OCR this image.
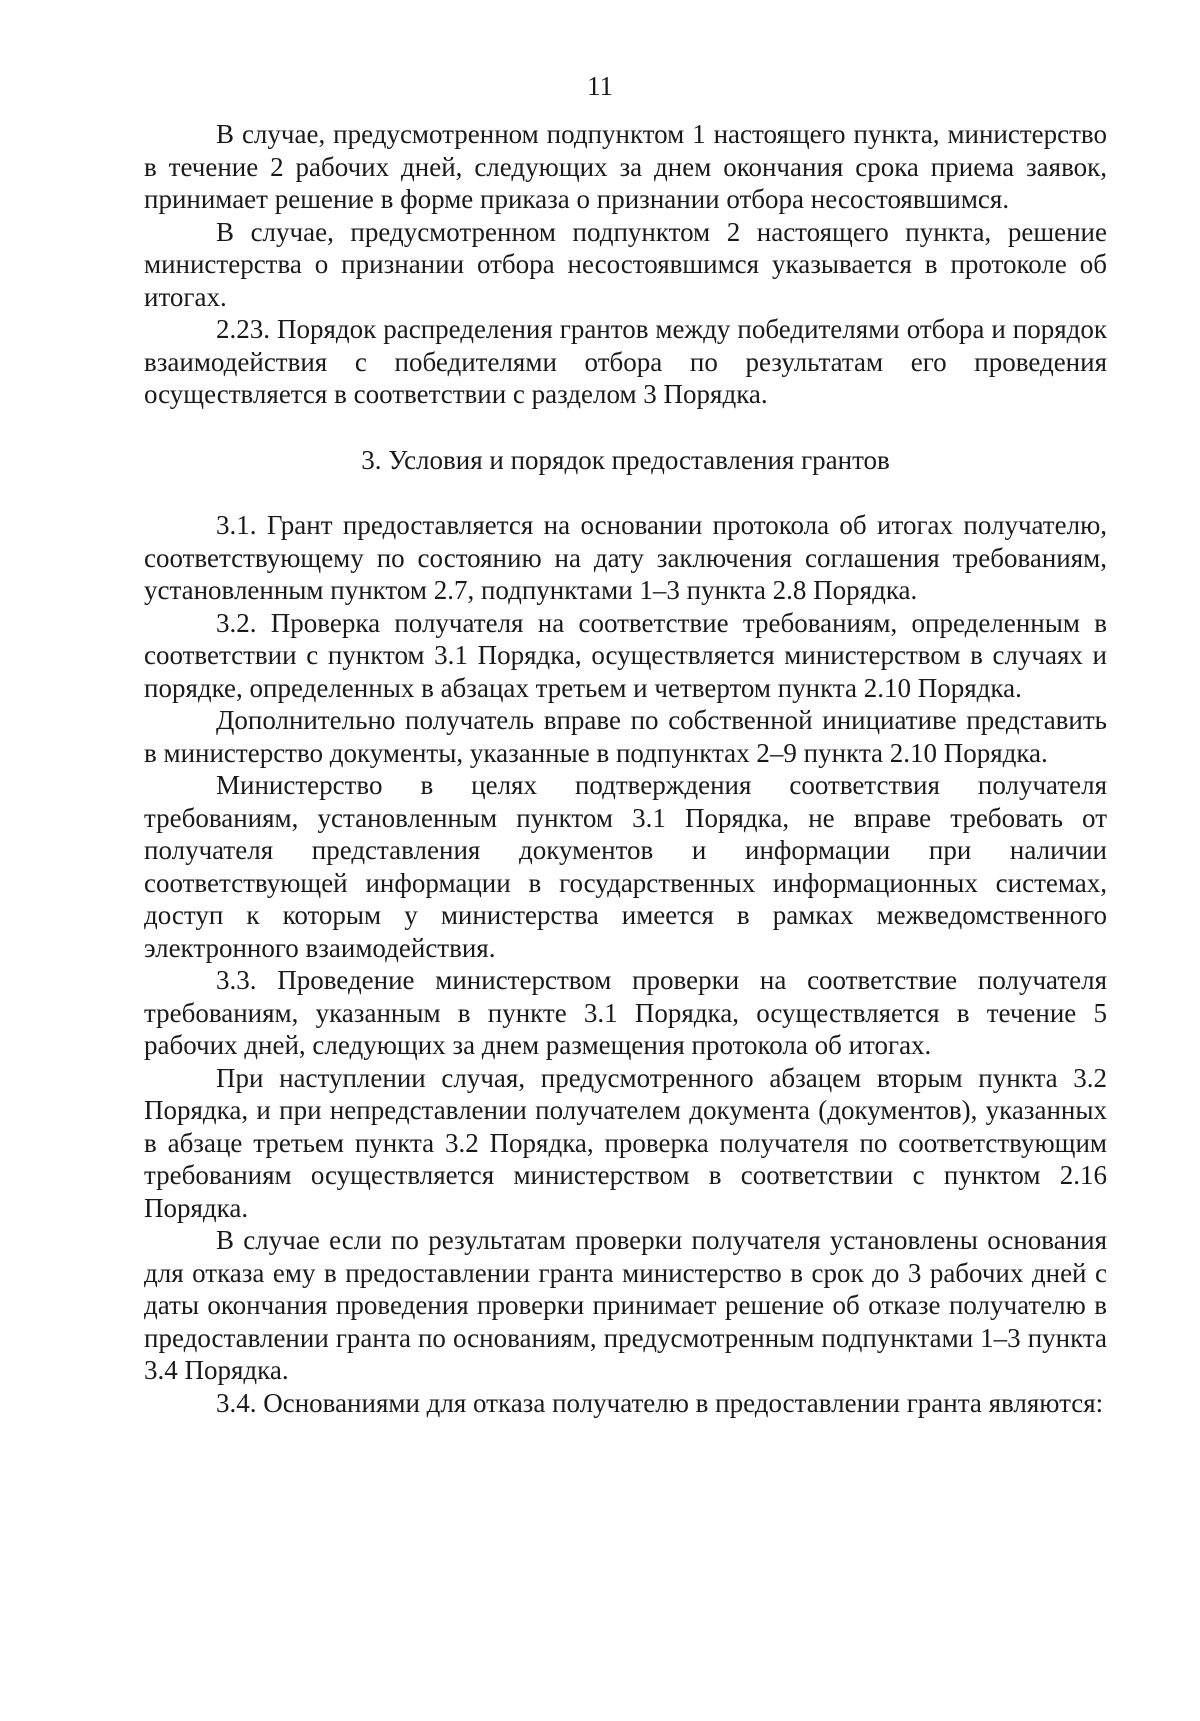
11

В случае, предусмотренном подпунктом 1 настоящего пункта, министерство в течение 2 рабочих дней, следующих за днем окончания срока приема заявок, принимает решение в форме приказа о признании отбора несостоявшимся.

В случае, предусмотренном подпунктом 2 настоящего пункта, решение министерства о признании отбора несостоявшимся указывается в протоколе об итогах.

2.23. Порядок распределения грантов между победителями отбора и порядок взаимодействия с победителями отбора по результатам его проведения осуществляется в соответствии с разделом 3 Порядка.

3. Условия и порядок предоставления грантов

3.1. Грант предоставляется на основании протокола об итогах получателю, соответствующему по состоянию на дату заключения соглашения требованиям, установленным пунктом 2.7, подпунктами 1–3 пункта 2.8 Порядка.

3.2. Проверка получателя на соответствие требованиям, определенным в соответствии с пунктом 3.1 Порядка, осуществляется министерством в случаях и порядке, определенных в абзацах третьем и четвертом пункта 2.10 Порядка.

Дополнительно получатель вправе по собственной инициативе представить в министерство документы, указанные в подпунктах 2–9 пункта 2.10 Порядка.

Министерство в целях подтверждения соответствия получателя требованиям, установленным пунктом 3.1 Порядка, не вправе требовать от получателя представления документов и информации при наличии соответствующей информации в государственных информационных системах, доступ к которым у министерства имеется в рамках межведомственного электронного взаимодействия.

3.3. Проведение министерством проверки на соответствие получателя требованиям, указанным в пункте 3.1 Порядка, осуществляется в течение 5 рабочих дней, следующих за днем размещения протокола об итогах.

При наступлении случая, предусмотренного абзацем вторым пункта 3.2 Порядка, и при непредставлении получателем документа (документов), указанных в абзаце третьем пункта 3.2 Порядка, проверка получателя по соответствующим требованиям осуществляется министерством в соответствии с пунктом 2.16 Порядка.

В случае если по результатам проверки получателя установлены основания для отказа ему в предоставлении гранта министерство в срок до 3 рабочих дней с даты окончания проведения проверки принимает решение об отказе получателю в предоставлении гранта по основаниям, предусмотренным подпунктами 1–3 пункта 3.4 Порядка.

3.4. Основаниями для отказа получателю в предоставлении гранта являются:
